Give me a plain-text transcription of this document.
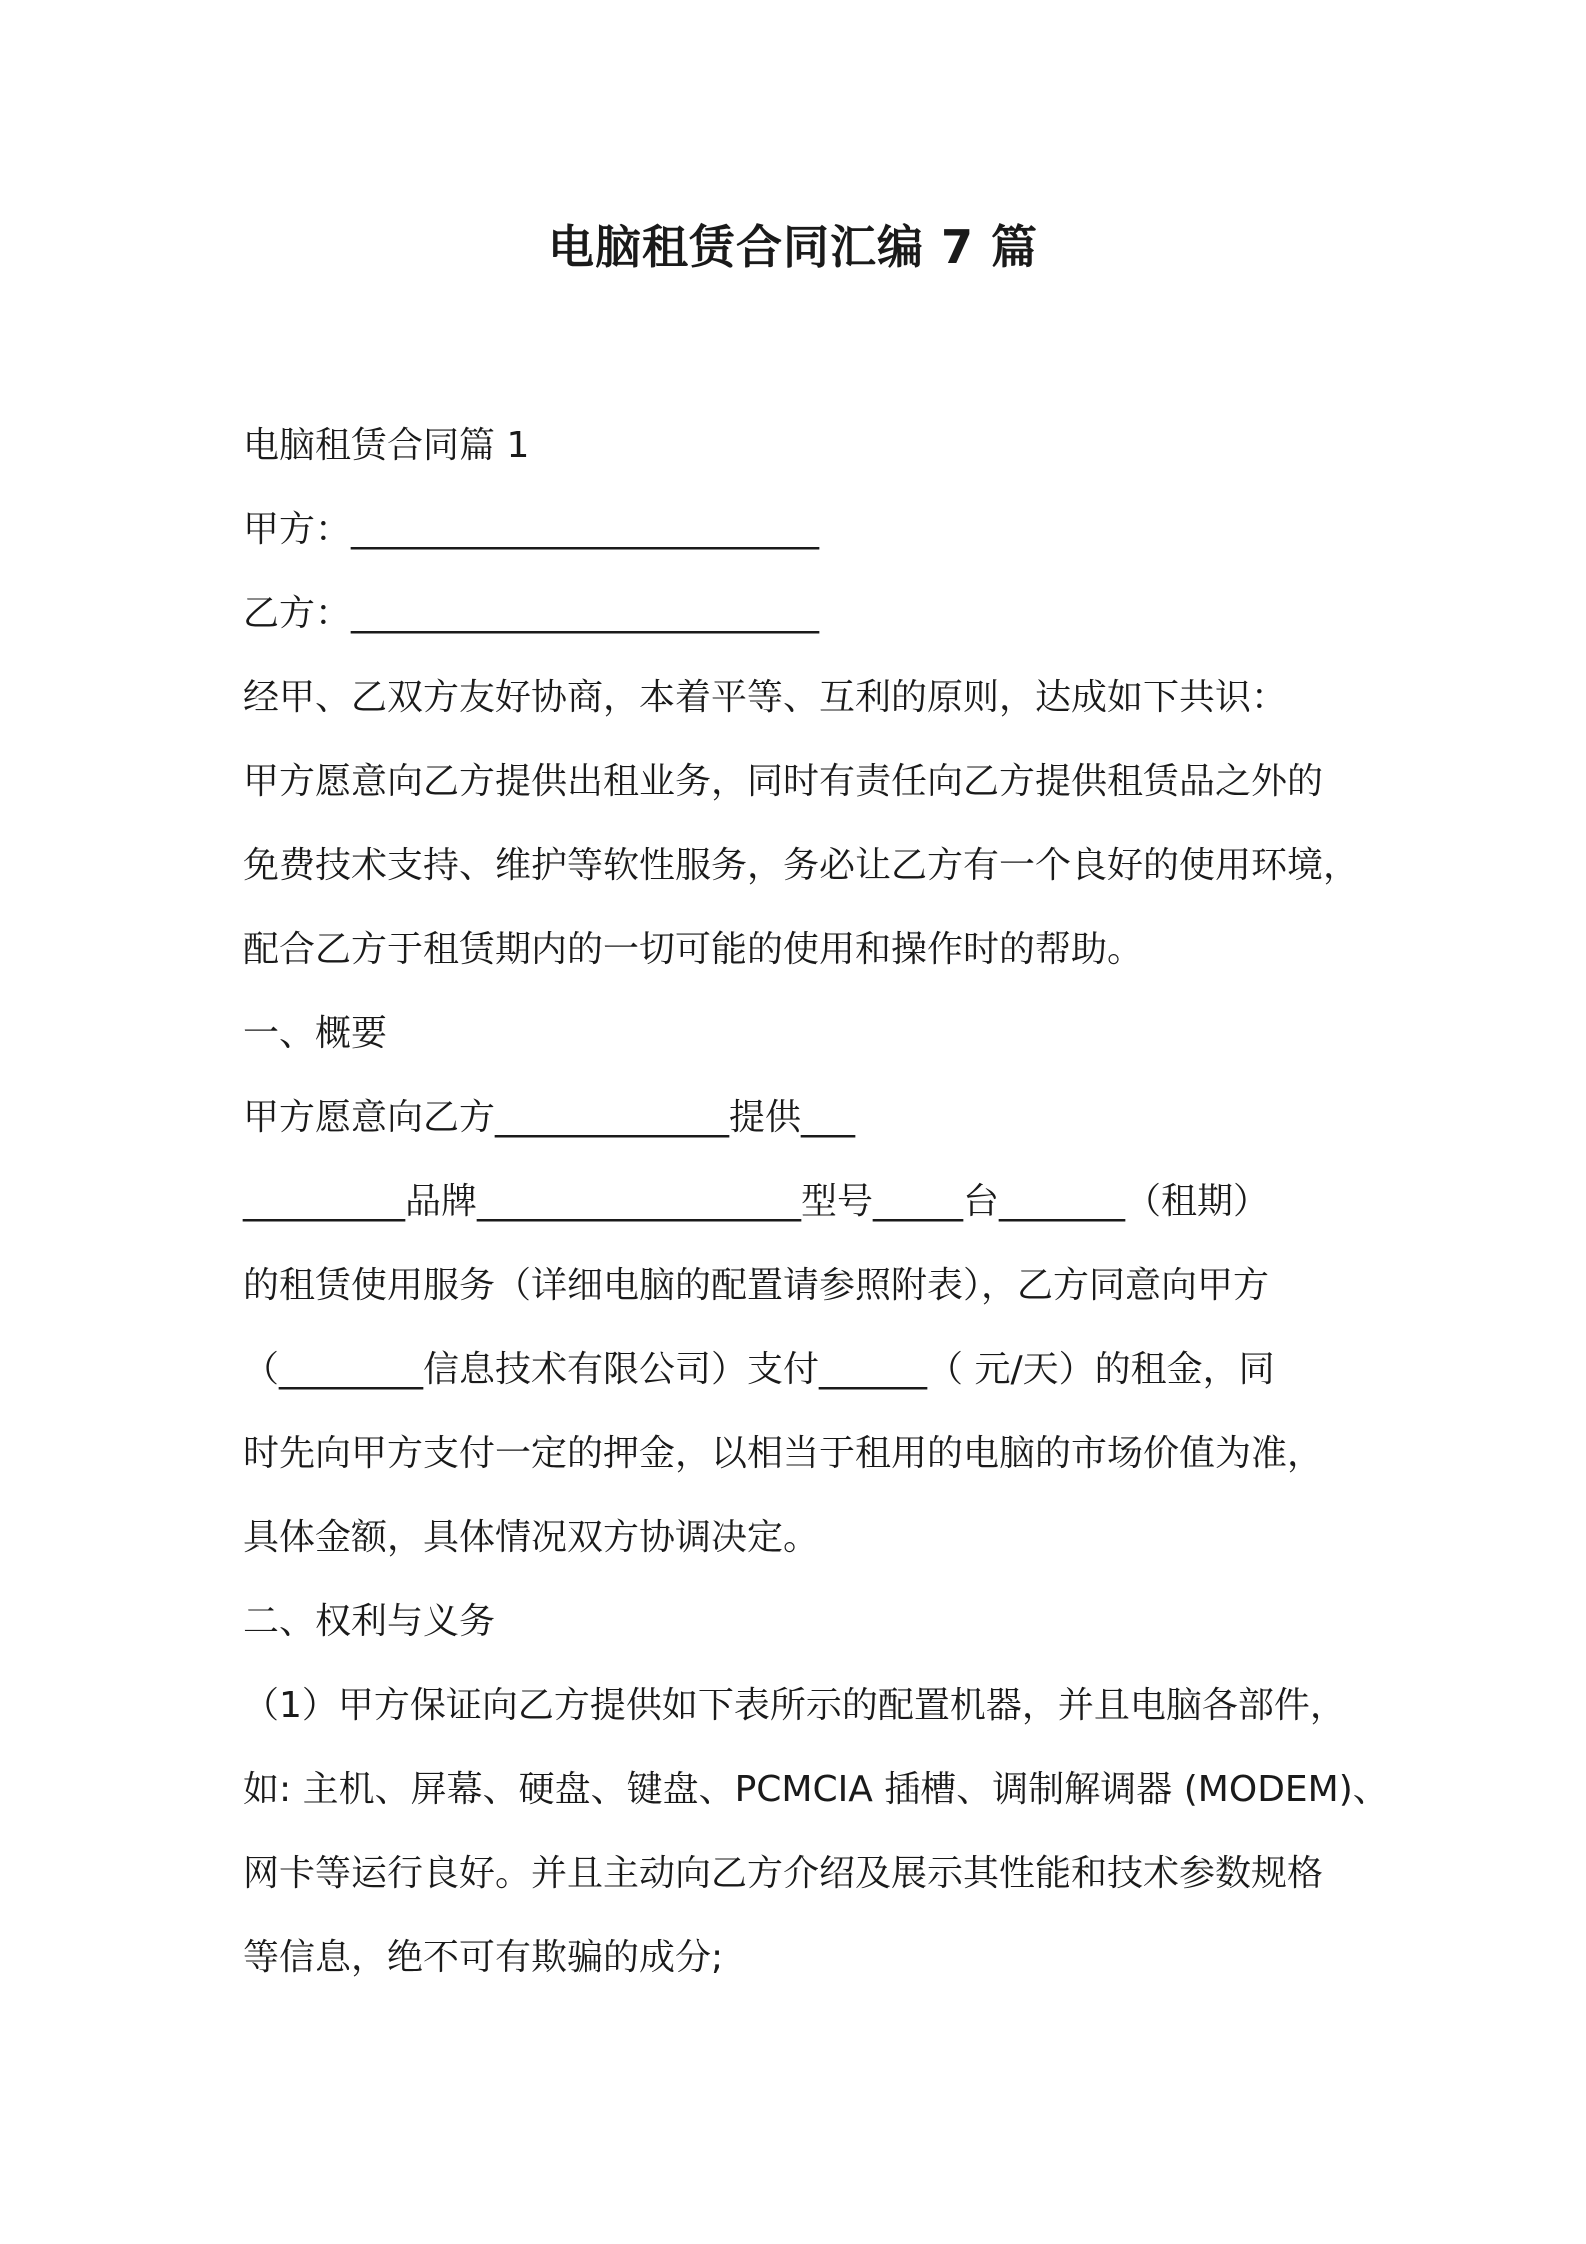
电脑租赁合同汇编 7 篇

电脑租赁合同篇 1

甲方：__________________________

乙方：__________________________

经甲、乙双方友好协商，本着平等、互利的原则，达成如下共识：

甲方愿意向乙方提供出租业务，同时有责任向乙方提供租赁品之外的

免费技术支持、维护等软性服务，务必让乙方有一个良好的使用环境，

配合乙方于租赁期内的一切可能的使用和操作时的帮助。

一、概要

甲方愿意向乙方_____________提供___

_________品牌__________________型号_____台_______（租期）

的租赁使用服务（详细电脑的配置请参照附表），乙方同意向甲方

（________信息技术有限公司）支付______（ 元/天）的租金，同

时先向甲方支付一定的押金，以相当于租用的电脑的市场价值为准，

具体金额，具体情况双方协调决定。

二、权利与义务

（1）甲方保证向乙方提供如下表所示的配置机器，并且电脑各部件，

如: 主机、屏幕、硬盘、键盘、PCMCIA 插槽、调制解调器 (MODEM)、

网卡等运行良好。并且主动向乙方介绍及展示其性能和技术参数规格

等信息，绝不可有欺骗的成分;
